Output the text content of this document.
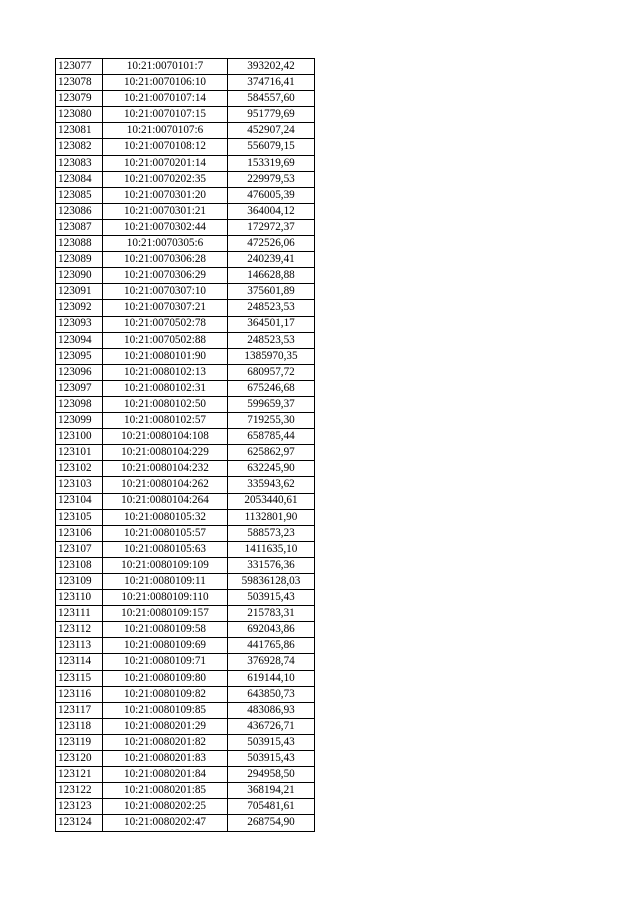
123077	10:21:0070101:7	393202,42
123078	10:21:0070106:10	374716,41
123079	10:21:0070107:14	584557,60
123080	10:21:0070107:15	951779,69
123081	10:21:0070107:6	452907,24
123082	10:21:0070108:12	556079,15
123083	10:21:0070201:14	153319,69
123084	10:21:0070202:35	229979,53
123085	10:21:0070301:20	476005,39
123086	10:21:0070301:21	364004,12
123087	10:21:0070302:44	172972,37
123088	10:21:0070305:6	472526,06
123089	10:21:0070306:28	240239,41
123090	10:21:0070306:29	146628,88
123091	10:21:0070307:10	375601,89
123092	10:21:0070307:21	248523,53
123093	10:21:0070502:78	364501,17
123094	10:21:0070502:88	248523,53
123095	10:21:0080101:90	1385970,35
123096	10:21:0080102:13	680957,72
123097	10:21:0080102:31	675246,68
123098	10:21:0080102:50	599659,37
123099	10:21:0080102:57	719255,30
123100	10:21:0080104:108	658785,44
123101	10:21:0080104:229	625862,97
123102	10:21:0080104:232	632245,90
123103	10:21:0080104:262	335943,62
123104	10:21:0080104:264	2053440,61
123105	10:21:0080105:32	1132801,90
123106	10:21:0080105:57	588573,23
123107	10:21:0080105:63	1411635,10
123108	10:21:0080109:109	331576,36
123109	10:21:0080109:11	59836128,03
123110	10:21:0080109:110	503915,43
123111	10:21:0080109:157	215783,31
123112	10:21:0080109:58	692043,86
123113	10:21:0080109:69	441765,86
123114	10:21:0080109:71	376928,74
123115	10:21:0080109:80	619144,10
123116	10:21:0080109:82	643850,73
123117	10:21:0080109:85	483086,93
123118	10:21:0080201:29	436726,71
123119	10:21:0080201:82	503915,43
123120	10:21:0080201:83	503915,43
123121	10:21:0080201:84	294958,50
123122	10:21:0080201:85	368194,21
123123	10:21:0080202:25	705481,61
123124	10:21:0080202:47	268754,90
